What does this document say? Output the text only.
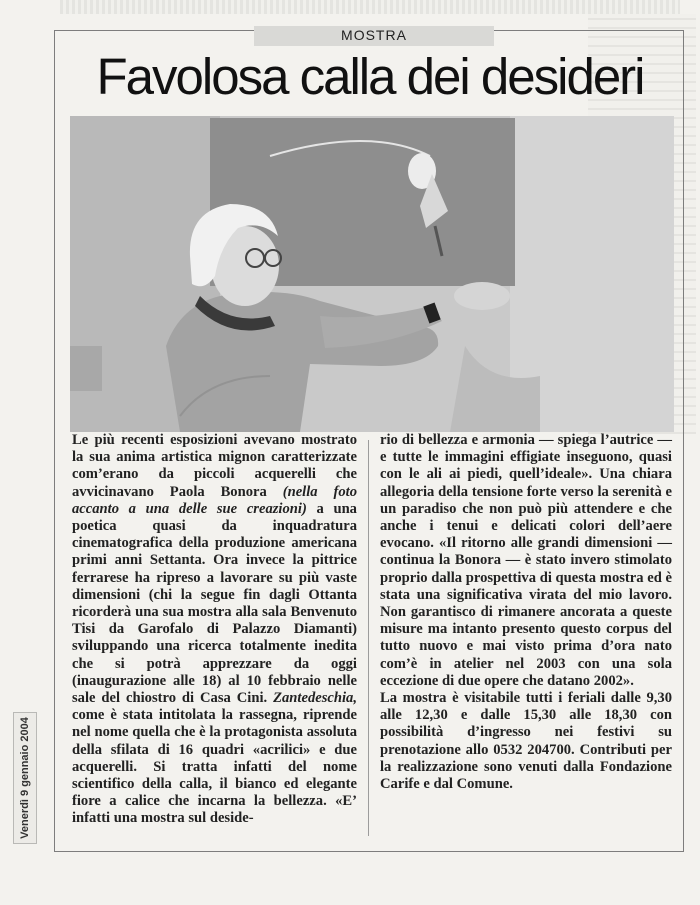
MOSTRA
Favolosa calla dei desideri

Le più recenti esposizioni avevano mostrato la sua anima artistica mignon caratterizzate com’erano da piccoli acquerelli che avvicinavano Paola Bonora (nella foto accanto a una delle sue creazioni) a una poetica quasi da inquadratura cinematografica della produzione americana primi anni Settanta. Ora invece la pittrice ferrarese ha ripreso a lavorare su più vaste dimensioni (chi la segue fin dagli Ottanta ricorderà una sua mostra alla sala Benvenuto Tisi da Garofalo di Palazzo Diamanti) sviluppando una ricerca totalmente inedita che si potrà apprezzare da oggi (inaugurazione alle 18) al 10 febbraio nelle sale del chiostro di Casa Cini. Zantedeschia, come è stata intitolata la rassegna, riprende nel nome quella che è la protagonista assoluta della sfilata di 16 quadri «acrilici» e due acquerelli. Si tratta infatti del nome scientifico della calla, il bianco ed elegante fiore a calice che incarna la bellezza. «E’ infatti una mostra sul deside-

rio di bellezza e armonia — spiega l’autrice — e tutte le immagini effigiate inseguono, quasi con le ali ai piedi, quell’ideale». Una chiara allegoria della tensione forte verso la serenità e un paradiso che non può più attendere e che anche i tenui e delicati colori dell’aere evocano. «Il ritorno alle grandi dimensioni — continua la Bonora — è stato invero stimolato proprio dalla prospettiva di questa mostra ed è stata una significativa virata del mio lavoro. Non garantisco di rimanere ancorata a queste misure ma intanto presento questo corpus del tutto nuovo e mai visto prima d’ora nato com’è in atelier nel 2003 con una sola eccezione di due opere che datano 2002».

La mostra è visitabile tutti i feriali dalle 9,30 alle 12,30 e dalle 15,30 alle 18,30 con possibilità d’ingresso nei festivi su prenotazione allo 0532 204700. Contributi per la realizzazione sono venuti dalla Fondazione Carife e dal Comune.

Venerdì 9 gennaio 2004
